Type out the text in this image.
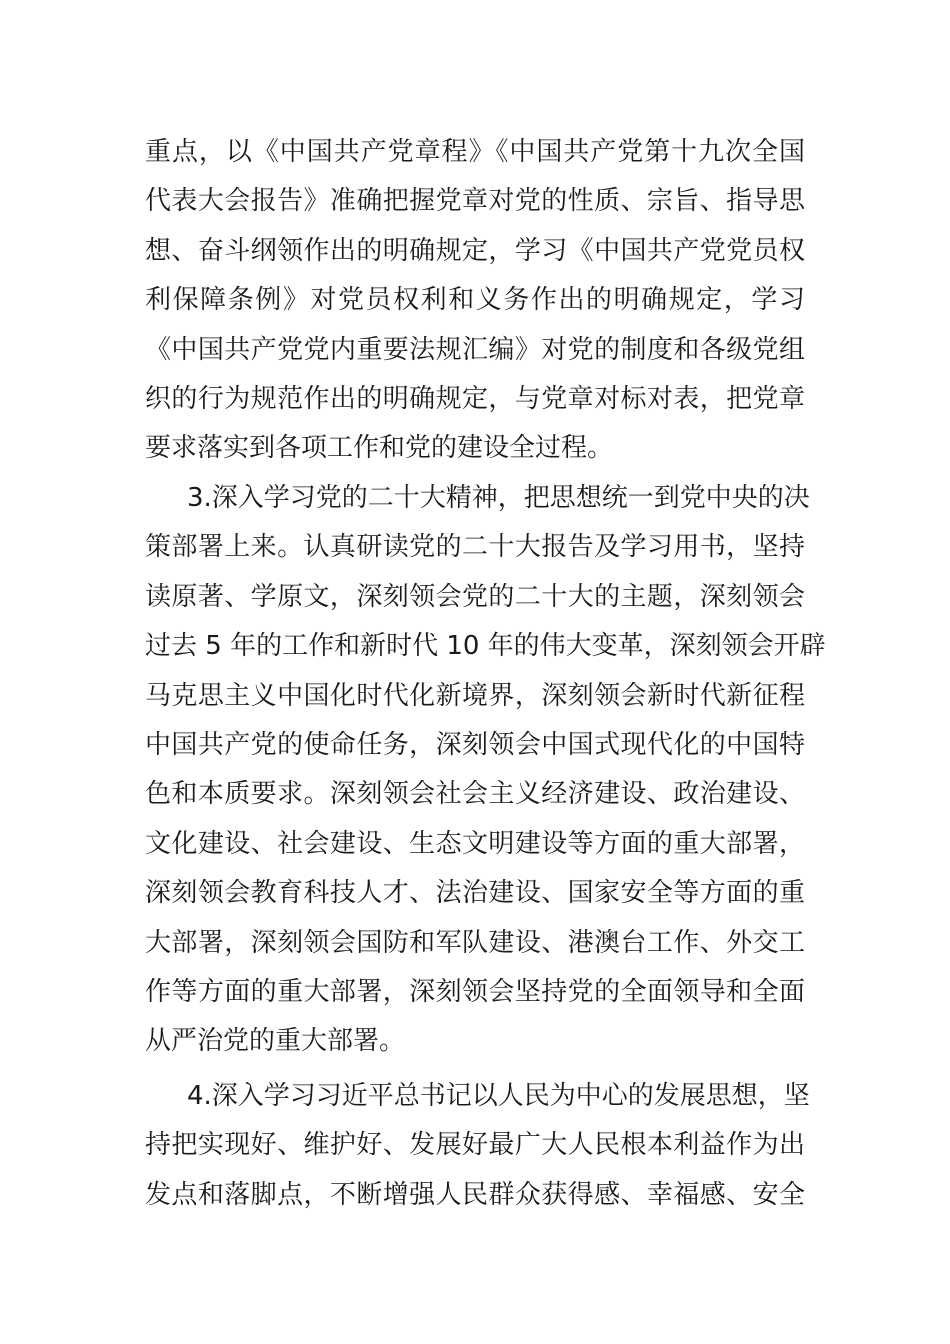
重点，以《中国共产党章程》《中国共产党第十九次全国
代表大会报告》准确把握党章对党的性质、宗旨、指导思
想、奋斗纲领作出的明确规定，学习《中国共产党党员权
利保障条例》对党员权利和义务作出的明确规定，学习
《中国共产党党内重要法规汇编》对党的制度和各级党组
织的行为规范作出的明确规定，与党章对标对表，把党章
要求落实到各项工作和党的建设全过程。
3.深入学习党的二十大精神，把思想统一到党中央的决
策部署上来。认真研读党的二十大报告及学习用书，坚持
读原著、学原文，深刻领会党的二十大的主题，深刻领会
过去 5 年的工作和新时代 10 年的伟大变革，深刻领会开辟
马克思主义中国化时代化新境界，深刻领会新时代新征程
中国共产党的使命任务，深刻领会中国式现代化的中国特
色和本质要求。深刻领会社会主义经济建设、政治建设、
文化建设、社会建设、生态文明建设等方面的重大部署，
深刻领会教育科技人才、法治建设、国家安全等方面的重
大部署，深刻领会国防和军队建设、港澳台工作、外交工
作等方面的重大部署，深刻领会坚持党的全面领导和全面
从严治党的重大部署。
4.深入学习习近平总书记以人民为中心的发展思想，坚
持把实现好、维护好、发展好最广大人民根本利益作为出
发点和落脚点，不断增强人民群众获得感、幸福感、安全
